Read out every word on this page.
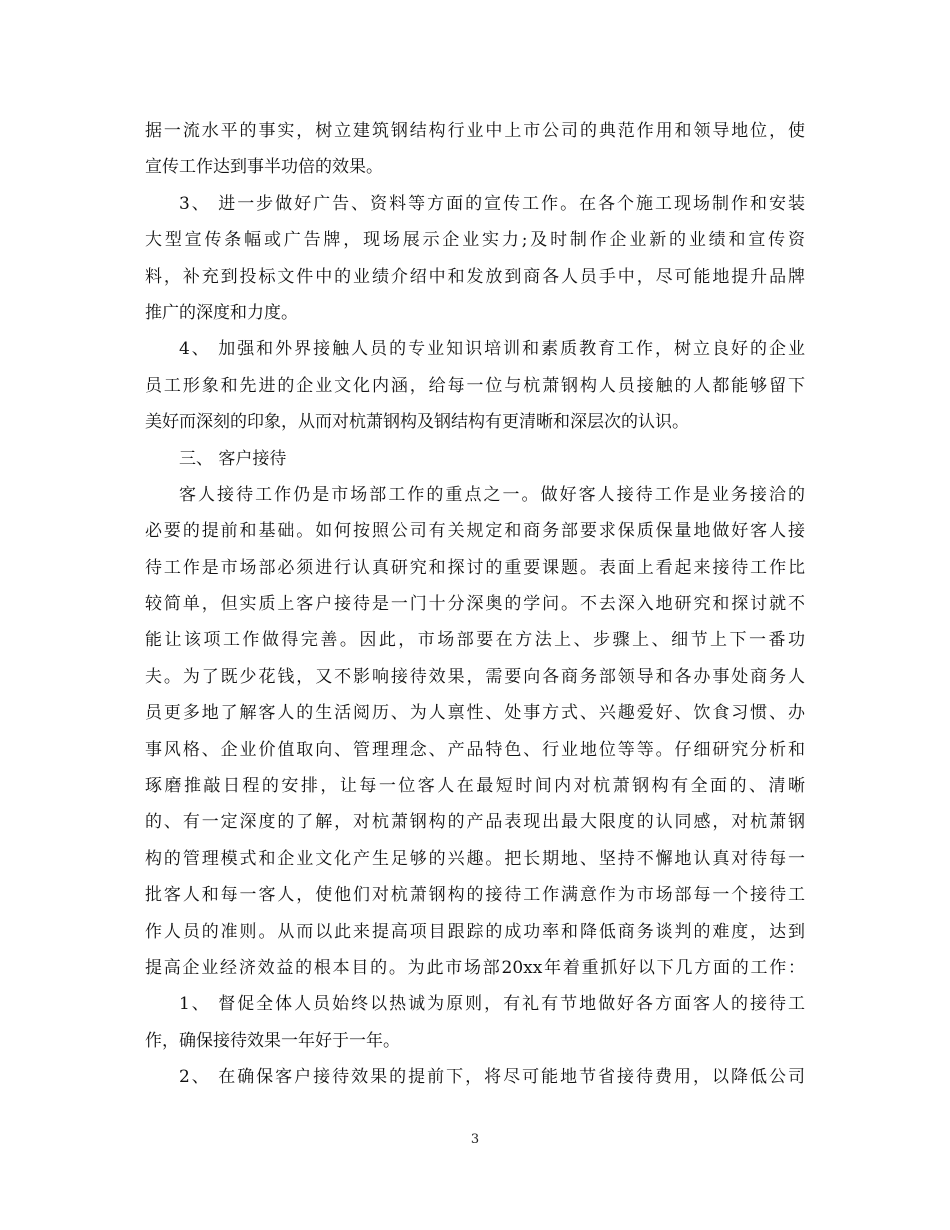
据一流水平的事实，树立建筑钢结构行业中上市公司的典范作用和领导地位，使
宣传工作达到事半功倍的效果。
3、 进一步做好广告、资料等方面的宣传工作。在各个施工现场制作和安装
大型宣传条幅或广告牌，现场展示企业实力;及时制作企业新的业绩和宣传资
料，补充到投标文件中的业绩介绍中和发放到商各人员手中，尽可能地提升品牌
推广的深度和力度。
4、 加强和外界接触人员的专业知识培训和素质教育工作，树立良好的企业
员工形象和先进的企业文化内涵，给每一位与杭萧钢构人员接触的人都能够留下
美好而深刻的印象，从而对杭萧钢构及钢结构有更清晰和深层次的认识。
三、 客户接待
客人接待工作仍是市场部工作的重点之一。做好客人接待工作是业务接洽的
必要的提前和基础。如何按照公司有关规定和商务部要求保质保量地做好客人接
待工作是市场部必须进行认真研究和探讨的重要课题。表面上看起来接待工作比
较简单，但实质上客户接待是一门十分深奥的学问。不去深入地研究和探讨就不
能让该项工作做得完善。因此，市场部要在方法上、步骤上、细节上下一番功
夫。为了既少花钱，又不影响接待效果，需要向各商务部领导和各办事处商务人
员更多地了解客人的生活阅历、为人禀性、处事方式、兴趣爱好、饮食习惯、办
事风格、企业价值取向、管理理念、产品特色、行业地位等等。仔细研究分析和
琢磨推敲日程的安排，让每一位客人在最短时间内对杭萧钢构有全面的、清晰
的、有一定深度的了解，对杭萧钢构的产品表现出最大限度的认同感，对杭萧钢
构的管理模式和企业文化产生足够的兴趣。把长期地、坚持不懈地认真对待每一
批客人和每一客人，使他们对杭萧钢构的接待工作满意作为市场部每一个接待工
作人员的准则。从而以此来提高项目跟踪的成功率和降低商务谈判的难度，达到
提高企业经济效益的根本目的。为此市场部20xx年着重抓好以下几方面的工作：
1、 督促全体人员始终以热诚为原则，有礼有节地做好各方面客人的接待工
作，确保接待效果一年好于一年。
2、 在确保客户接待效果的提前下，将尽可能地节省接待费用，以降低公司
3
